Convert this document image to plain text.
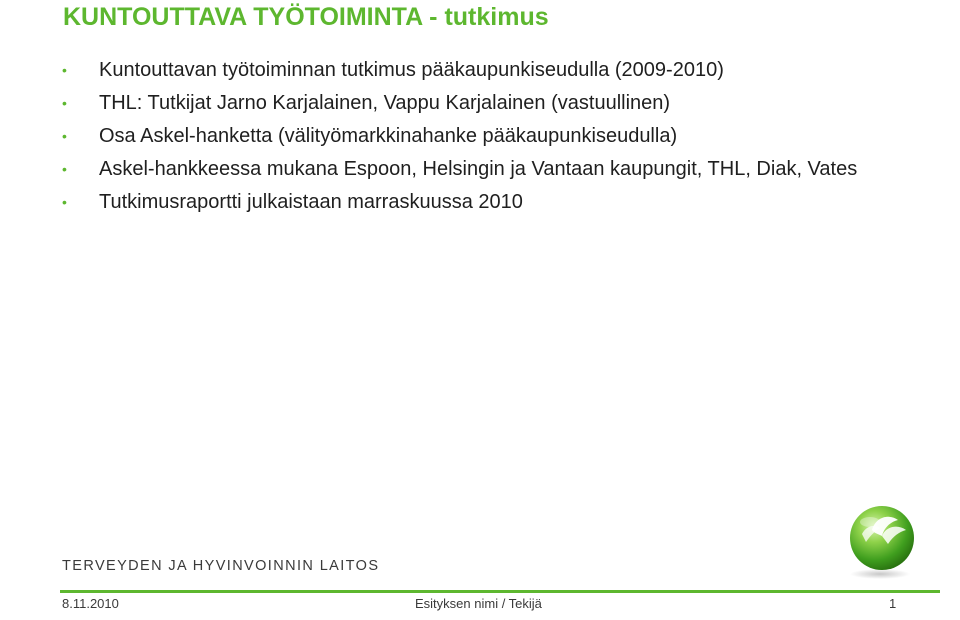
KUNTOUTTAVA TYÖTOIMINTA - tutkimus
•	Kuntouttavan työtoiminnan tutkimus pääkaupunkiseudulla (2009-2010)
•	THL: Tutkijat Jarno Karjalainen, Vappu Karjalainen (vastuullinen)
•	Osa Askel-hanketta (välityömarkkinahanke pääkaupunkiseudulla)
•	Askel-hankkeessa mukana Espoon, Helsingin ja Vantaan kaupungit, THL, Diak, Vates
•	Tutkimusraportti julkaistaan marraskuussa 2010
TERVEYDEN JA HYVINVOINNIN LAITOS
8.11.2010	Esityksen nimi / Tekijä	1
